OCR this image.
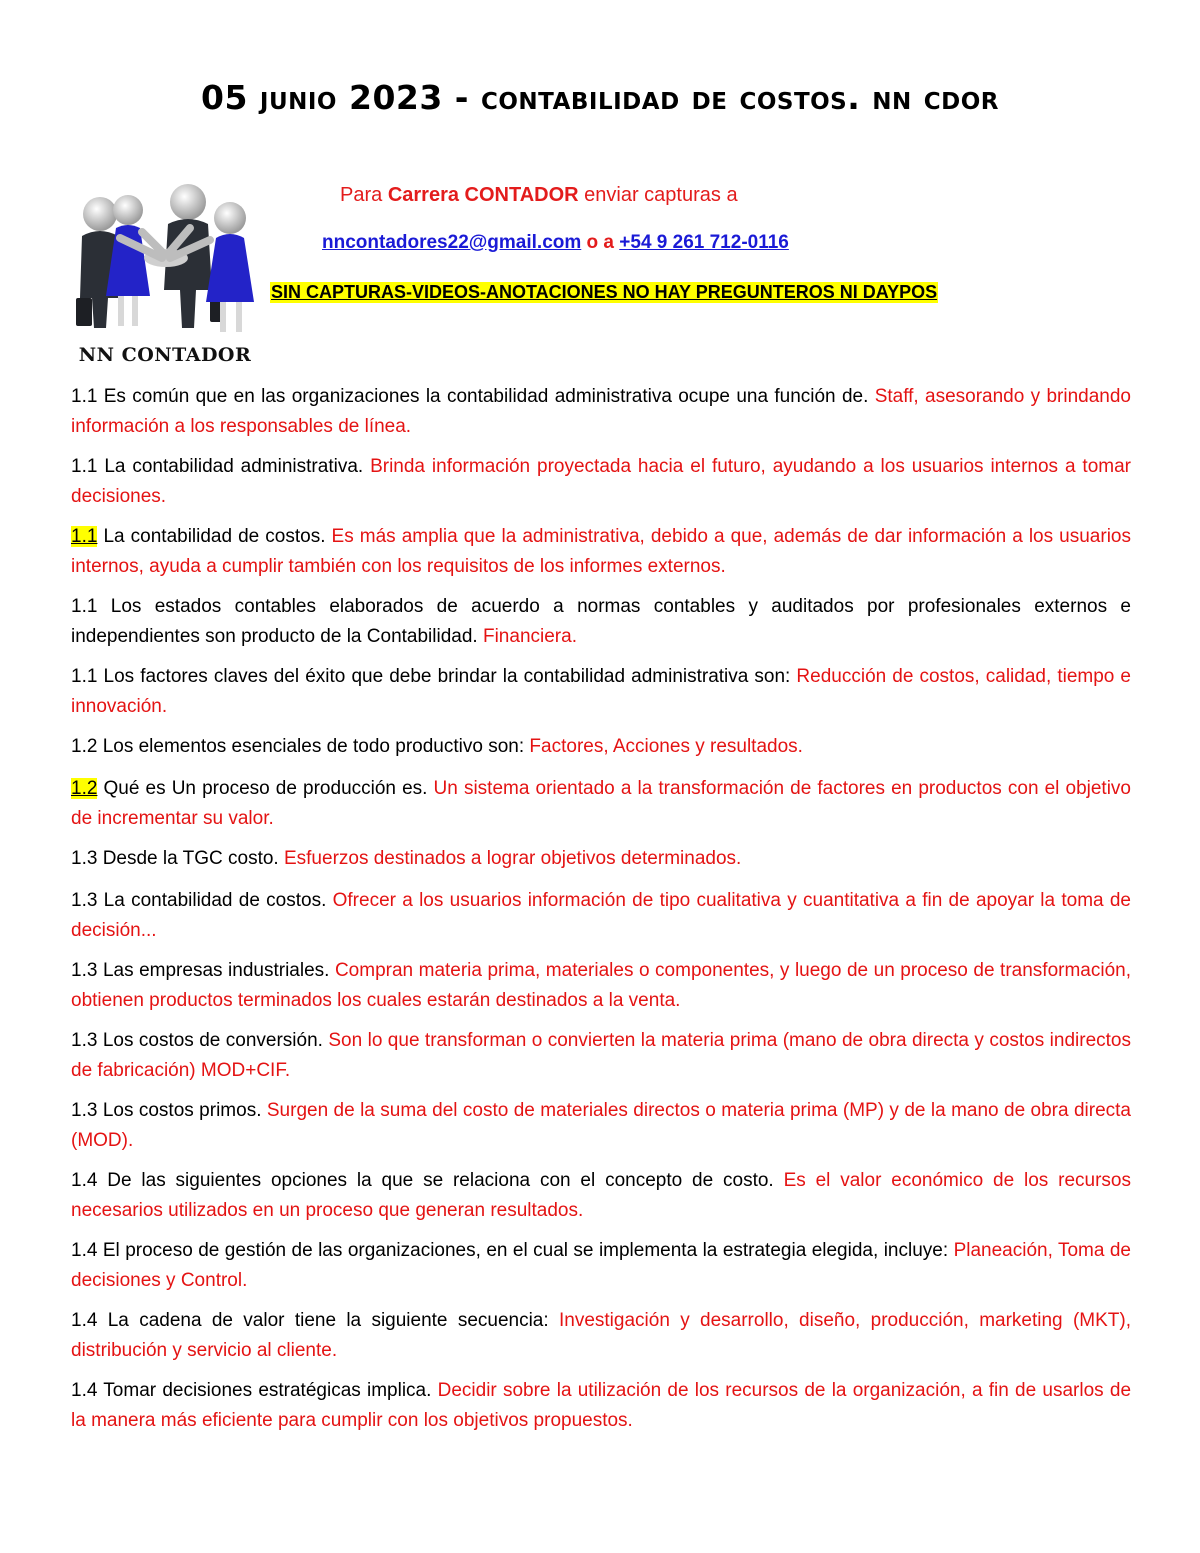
05 junio 2023 - contabilidad de costos. nn cdor
NN CONTADOR
Para Carrera CONTADOR enviar capturas a
nncontadores22@gmail.com o a +54 9 261 712-0116
SIN CAPTURAS-VIDEOS-ANOTACIONES NO HAY PREGUNTEROS NI DAYPOS

1.1 Es común que en las organizaciones la contabilidad administrativa ocupe una función de. Staff, asesorando y brindando información a los responsables de línea.

1.1 La contabilidad administrativa. Brinda información proyectada hacia el futuro, ayudando a los usuarios internos a tomar decisiones.

1.1 La contabilidad de costos. Es más amplia que la administrativa, debido a que, además de dar información a los usuarios internos, ayuda a cumplir también con los requisitos de los informes externos.

1.1 Los estados contables elaborados de acuerdo a normas contables y auditados por profesionales externos e independientes son producto de la Contabilidad. Financiera.

1.1 Los factores claves del éxito que debe brindar la contabilidad administrativa son: Reducción de costos, calidad, tiempo e innovación.

1.2 Los elementos esenciales de todo productivo son: Factores, Acciones y resultados.

1.2 Qué es Un proceso de producción es. Un sistema orientado a la transformación de factores en productos con el objetivo de incrementar su valor.

1.3 Desde la TGC costo. Esfuerzos destinados a lograr objetivos determinados.

1.3 La contabilidad de costos. Ofrecer a los usuarios información de tipo cualitativa y cuantitativa a fin de apoyar la toma de decisión...

1.3 Las empresas industriales. Compran materia prima, materiales o componentes, y luego de un proceso de transformación, obtienen productos terminados los cuales estarán destinados a la venta.

1.3 Los costos de conversión. Son lo que transforman o convierten la materia prima (mano de obra directa y costos indirectos de fabricación) MOD+CIF.

1.3 Los costos primos. Surgen de la suma del costo de materiales directos o materia prima (MP) y de la mano de obra directa (MOD).

1.4 De las siguientes opciones la que se relaciona con el concepto de costo. Es el valor económico de los recursos necesarios utilizados en un proceso que generan resultados.

1.4 El proceso de gestión de las organizaciones, en el cual se implementa la estrategia elegida, incluye: Planeación, Toma de decisiones y Control.

1.4 La cadena de valor tiene la siguiente secuencia: Investigación y desarrollo, diseño, producción, marketing (MKT), distribución y servicio al cliente.

1.4 Tomar decisiones estratégicas implica. Decidir sobre la utilización de los recursos de la organización, a fin de usarlos de la manera más eficiente para cumplir con los objetivos propuestos.
